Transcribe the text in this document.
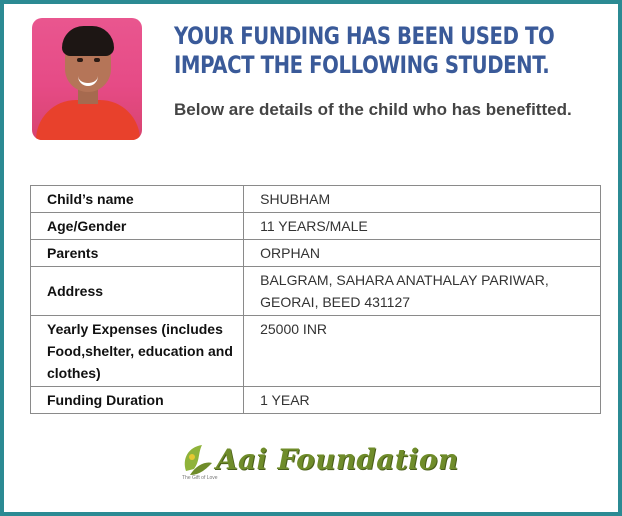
YOUR FUNDING HAS BEEN USED TO IMPACT THE FOLLOWING STUDENT.
Below are details of the child who has benefitted.
Child’s name	SHUBHAM
Age/Gender	11 YEARS/MALE
Parents	ORPHAN
Address	BALGRAM, SAHARA ANATHALAY PARIWAR, GEORAI, BEED 431127
Yearly Expenses (includes Food,shelter, education and clothes)	25000 INR
Funding Duration	1 YEAR
Aai Foundation
The Gift of Love
